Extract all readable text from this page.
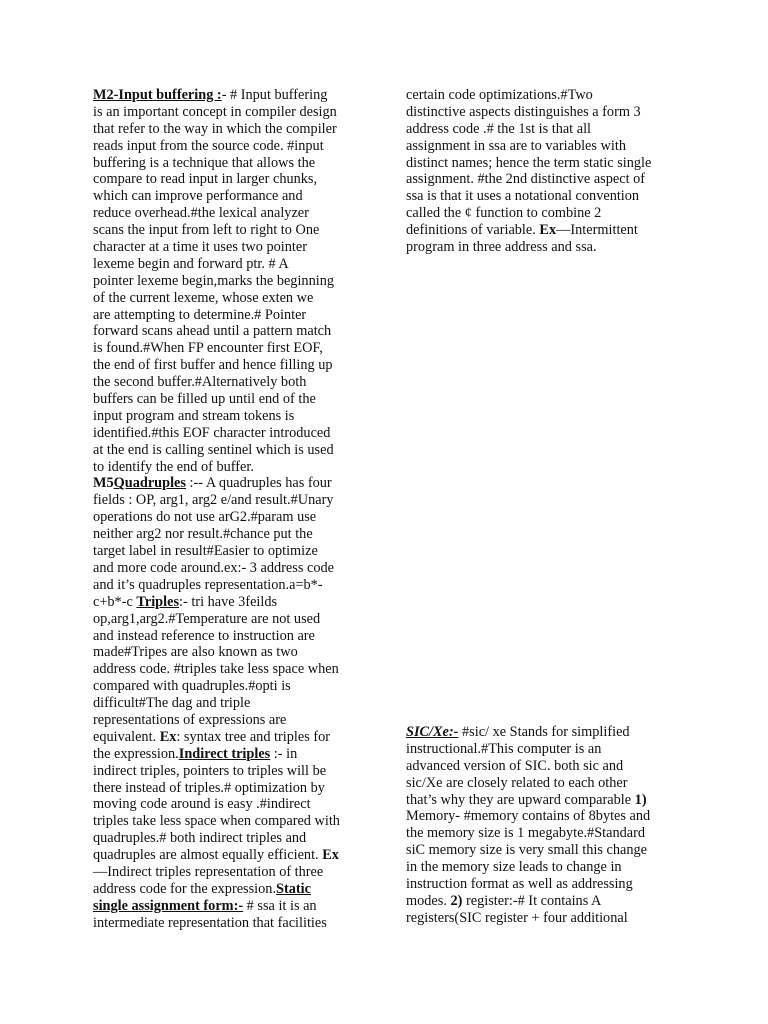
M2-Input buffering :- # Input buffering
is an important concept in compiler design
that refer to the way in which the compiler
reads input from the source code. #input
buffering is a technique that allows the
compare to read input in larger chunks,
which can improve performance and
reduce overhead.#the lexical analyzer
scans the input from left to right to One
character at a time it uses two pointer
lexeme begin and forward ptr. # A
pointer lexeme begin,marks the beginning
of the current lexeme, whose exten we
are attempting to determine.# Pointer
forward scans ahead until a pattern match
is found.#When FP encounter first EOF,
the end of first buffer and hence filling up
the second buffer.#Alternatively both
buffers can be filled up until end of the
input program and stream tokens is
identified.#this EOF character introduced
at the end is calling sentinel which is used
to identify the end of buffer.
M5Quadruples :-- A quadruples has four
fields : OP, arg1, arg2 e/and result.#Unary
operations do not use arG2.#param use
neither arg2 nor result.#chance put the
target label in result#Easier to optimize
and more code around.ex:- 3 address code
and it’s quadruples representation.a=b*-
c+b*-c Triples:- tri have 3feilds
op,arg1,arg2.#Temperature are not used
and instead reference to instruction are
made#Tripes are also known as two
address code. #triples take less space when
compared with quadruples.#opti is
difficult#The dag and triple
representations of expressions are
equivalent. Ex: syntax tree and triples for
the expression.Indirect triples :- in
indirect triples, pointers to triples will be
there instead of triples.# optimization by
moving code around is easy .#indirect
triples take less space when compared with
quadruples.# both indirect triples and
quadruples are almost equally efficient. Ex
—Indirect triples representation of three
address code for the expression.Static
single assignment form:- # ssa it is an
intermediate representation that facilities
certain code optimizations.#Two
distinctive aspects distinguishes a form 3
address code .# the 1st is that all
assignment in ssa are to variables with
distinct names; hence the term static single
assignment. #the 2nd distinctive aspect of
ssa is that it uses a notational convention
called the ¢ function to combine 2
definitions of variable. Ex—Intermittent
program in three address and ssa.
SIC/Xe:- #sic/ xe Stands for simplified
instructional.#This computer is an
advanced version of SIC. both sic and
sic/Xe are closely related to each other
that’s why they are upward comparable 1)
Memory- #memory contains of 8bytes and
the memory size is 1 megabyte.#Standard
siC memory size is very small this change
in the memory size leads to change in
instruction format as well as addressing
modes. 2) register:-# It contains A
registers(SIC register + four additional
